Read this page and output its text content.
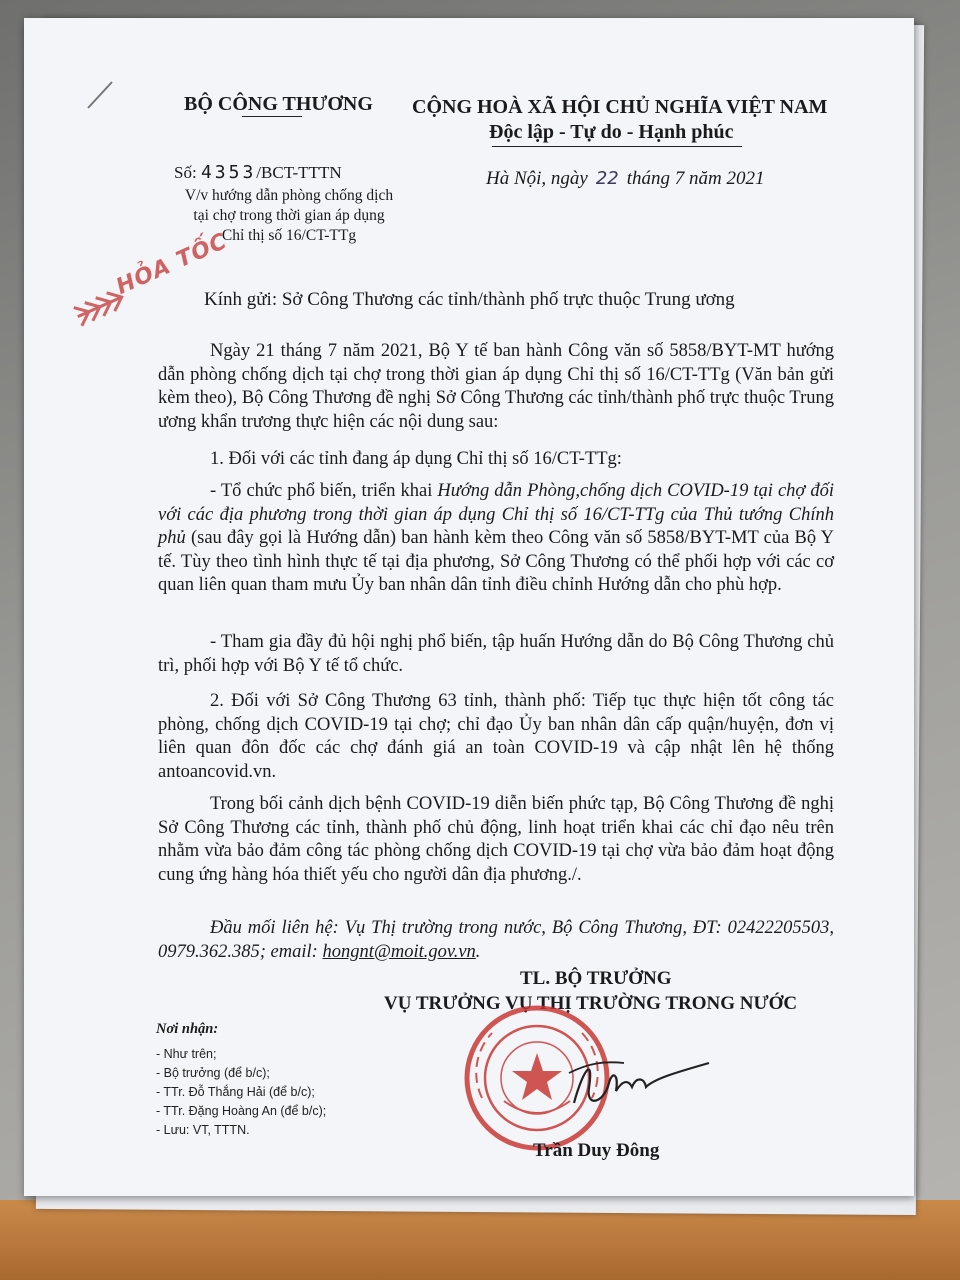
BỘ CÔNG THƯƠNG CỘNG HOÀ XÃ HỘI CHỦ NGHĨA VIỆT NAM
Độc lập - Tự do - Hạnh phúc
Số: 4353/BCT-TTTN
V/v hướng dẫn phòng chống dịch tại chợ trong thời gian áp dụng Chỉ thị số 16/CT-TTg
Hà Nội, ngày 22 tháng 7 năm 2021
HỎA TỐC
Kính gửi: Sở Công Thương các tỉnh/thành phố trực thuộc Trung ương

Ngày 21 tháng 7 năm 2021, Bộ Y tế ban hành Công văn số 5858/BYT-MT hướng dẫn phòng chống dịch tại chợ trong thời gian áp dụng Chỉ thị số 16/CT-TTg (Văn bản gửi kèm theo), Bộ Công Thương đề nghị Sở Công Thương các tỉnh/thành phố trực thuộc Trung ương khẩn trương thực hiện các nội dung sau:

1. Đối với các tỉnh đang áp dụng Chỉ thị số 16/CT-TTg:

- Tổ chức phổ biến, triển khai Hướng dẫn Phòng,chống dịch COVID-19 tại chợ đối với các địa phương trong thời gian áp dụng Chỉ thị số 16/CT-TTg của Thủ tướng Chính phủ (sau đây gọi là Hướng dẫn) ban hành kèm theo Công văn số 5858/BYT-MT của Bộ Y tế. Tùy theo tình hình thực tế tại địa phương, Sở Công Thương có thể phối hợp với các cơ quan liên quan tham mưu Ủy ban nhân dân tỉnh điều chỉnh Hướng dẫn cho phù hợp.

- Tham gia đầy đủ hội nghị phổ biến, tập huấn Hướng dẫn do Bộ Công Thương chủ trì, phối hợp với Bộ Y tế tổ chức.

2. Đối với Sở Công Thương 63 tỉnh, thành phố: Tiếp tục thực hiện tốt công tác phòng, chống dịch COVID-19 tại chợ; chỉ đạo Ủy ban nhân dân cấp quận/huyện, đơn vị liên quan đôn đốc các chợ đánh giá an toàn COVID-19 và cập nhật lên hệ thống antoancovid.vn.

Trong bối cảnh dịch bệnh COVID-19 diễn biến phức tạp, Bộ Công Thương đề nghị Sở Công Thương các tỉnh, thành phố chủ động, linh hoạt triển khai các chỉ đạo nêu trên nhằm vừa bảo đảm công tác phòng chống dịch COVID-19 tại chợ vừa bảo đảm hoạt động cung ứng hàng hóa thiết yếu cho người dân địa phương./.

Đầu mối liên hệ: Vụ Thị trường trong nước, Bộ Công Thương, ĐT: 02422205503, 0979.362.385; email: hongnt@moit.gov.vn.

TL. BỘ TRƯỞNG
VỤ TRƯỞNG VỤ THỊ TRƯỜNG TRONG NƯỚC
Trần Duy Đông
Nơi nhận:
- Như trên;
- Bộ trưởng (để b/c);
- TTr. Đỗ Thắng Hải (để b/c);
- TTr. Đặng Hoàng An (để b/c);
- Lưu: VT, TTTN.
